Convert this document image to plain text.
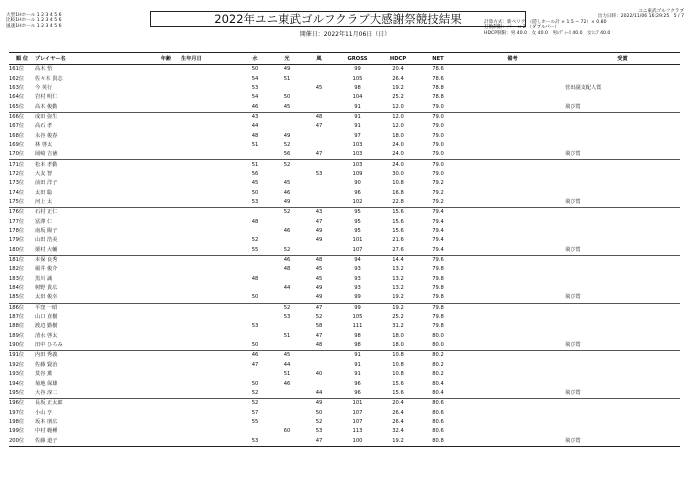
大型1Hホール 1 2 3 4 5 6
比較1Hホール 1 2 3 4 5 6
風速1Hホール 1 2 3 4 5 6
2022年ユニ東武ゴルフクラブ大感謝祭競技結果
開催日：2022年11月06日（日）
ユニ東武ゴルフクラブ
出力日時：2022/11/06 16:29:25 5 / 7
計算方式：新ペリア　（隠しホール計 × 1.5 − 72）× 0.80
打数制限：パー × 2 （ダブルパー）
HDCP制限：男 40.0　女 40.0　男ﾚﾃﾞｨｰｽ 40.0　女ｼﾆｱ 40.0
順 位	プレイヤー名	年齢	生年月日	水	光	風	GROSS	HDCP	NET	備考	受賞
161位	高木 悟			50	49		99	20.4	78.6		
162位	佐々木 貴志			54	51		105	26.4	78.6		
163位	今 英行			53		45	98	19.2	78.8		菅田副支配人賞
164位	岩村 明仁			54	50		104	25.2	78.8		
165位	高木 俊勤			46	45		91	12.0	79.0		飛び賞
166位	成田 弥生			43		48	91	12.0	79.0		
167位	高石 孝			44		47	91	12.0	79.0		
168位	永谷 俊春			48	49		97	18.0	79.0		
169位	林 啓太			51	52		103	24.0	79.0		
170位	岡崎 吉徳				56	47	103	24.0	79.0		飛び賞
171位	松本 孝勤			51	52		103	24.0	79.0		
172位	大友 智			56		53	109	30.0	79.0		
173位	前田 洋子			45	45		90	10.8	79.2		
174位	太田 聡			50	46		96	16.8	79.2		
175位	河上 太			53	49		102	22.8	79.2		飛び賞
176位	石村 正仁				52	43	95	15.6	79.4		
177位	冨澤 仁			48		47	95	15.6	79.4		
178位	南坂 陽子				46	49	95	15.6	79.4		
179位	山田 浩美			52		49	101	21.6	79.4		
180位	栗村 大輔			55	52		107	27.6	79.4		飛び賞
181位	本保 良秀				46	48	94	14.4	79.6		
182位	堀井 俊介				48	45	93	13.2	79.8		
183位	黒川 誠			48		45	93	13.2	79.8		
184位	树野 貴広				44	49	93	13.2	79.8		
185位	太田 俊幸			50		49	99	19.2	79.8		飛び賞
186位	平窪 一昭				52	47	99	19.2	79.8		
187位	山口 直樹				53	52	105	25.2	79.8		
188位	渡辺 勤樹			53		58	111	31.2	79.8		
189位	清水 啓太				51	47	98	18.0	80.0		
190位	田中 ひろみ			50		48	98	18.0	80.0		飛び賞
191位	内田 秀義			46	45		91	10.8	80.2		
192位	佐藤 賢治			47	44		91	10.8	80.2		
193位	莫谷 薫				51	40	91	10.8	80.2		
194位	菊地 保雄			50	46		96	15.6	80.4		
195位	大谷 淳二			52		44	96	15.6	80.4		飛び賞
196位	長坂 正太郎			52		49	101	20.4	80.6		
197位	小山 亨			57		50	107	26.4	80.6		
198位	坂本 朋広			55		52	107	26.4	80.6		
199位	中村 範種				60	53	113	32.4	80.6		
200位	佐藤 道子			53		47	100	19.2	80.8		飛び賞
